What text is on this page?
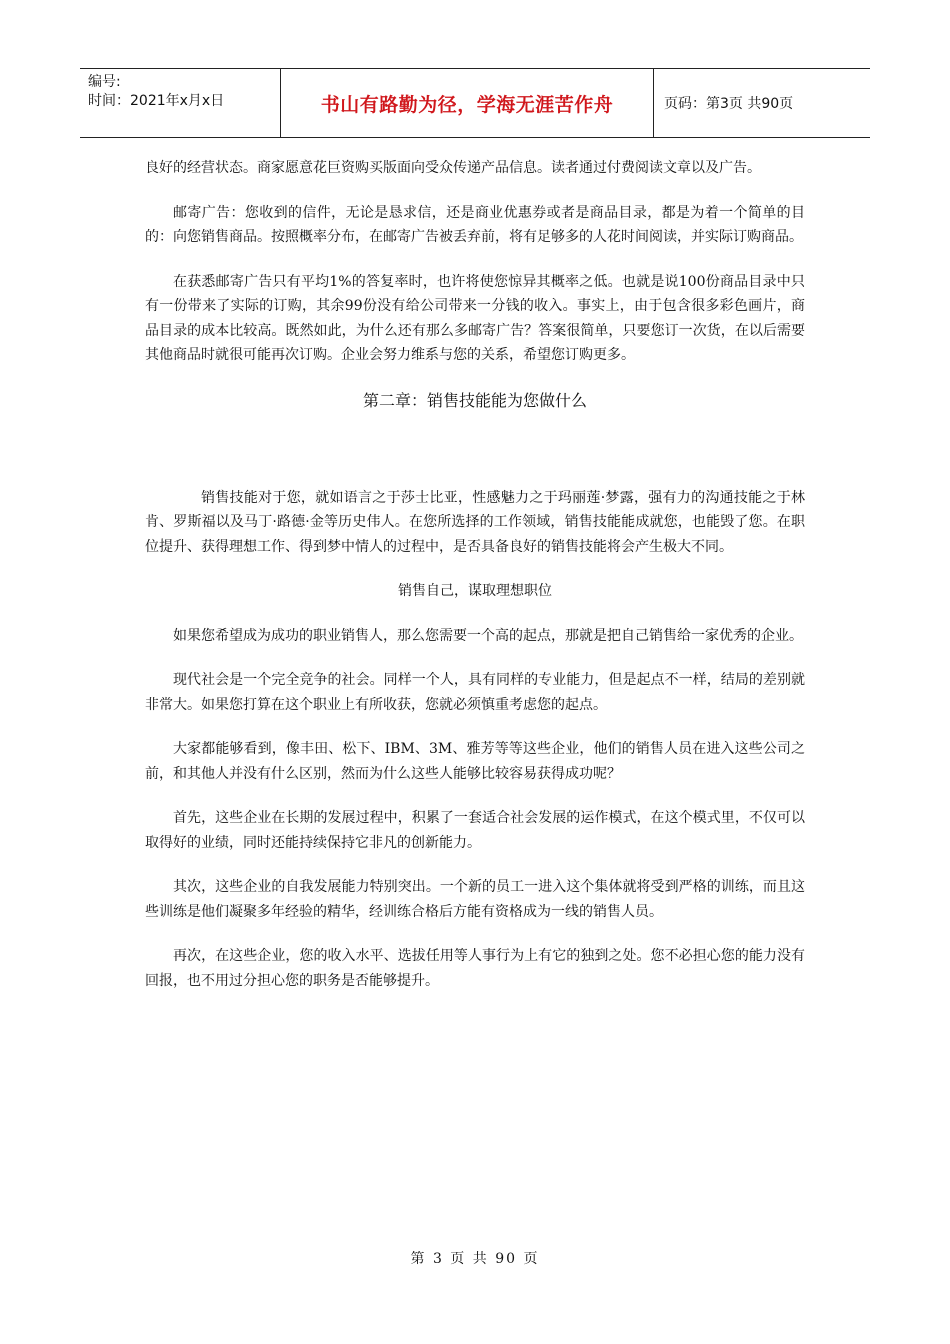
编号:
时间：2021年x月x日	书山有路勤为径，学海无涯苦作舟	页码：第3页 共90页

良好的经营状态。商家愿意花巨资购买版面向受众传递产品信息。读者通过付费阅读文章以及广告。

邮寄广告：您收到的信件，无论是恳求信，还是商业优惠券或者是商品目录，都是为着一个简单的目的：向您销售商品。按照概率分布，在邮寄广告被丢弃前，将有足够多的人花时间阅读，并实际订购商品。

在获悉邮寄广告只有平均1%的答复率时，也许将使您惊异其概率之低。也就是说100份商品目录中只有一份带来了实际的订购，其余99份没有给公司带来一分钱的收入。事实上，由于包含很多彩色画片，商品目录的成本比较高。既然如此，为什么还有那么多邮寄广告？答案很简单，只要您订一次货，在以后需要其他商品时就很可能再次订购。企业会努力维系与您的关系，希望您订购更多。

第二章：销售技能能为您做什么

销售技能对于您，就如语言之于莎士比亚，性感魅力之于玛丽莲·梦露，强有力的沟通技能之于林肯、罗斯福以及马丁·路德·金等历史伟人。在您所选择的工作领域，销售技能能成就您，也能毁了您。在职位提升、获得理想工作、得到梦中情人的过程中，是否具备良好的销售技能将会产生极大不同。

销售自己，谋取理想职位

如果您希望成为成功的职业销售人，那么您需要一个高的起点，那就是把自己销售给一家优秀的企业。

现代社会是一个完全竞争的社会。同样一个人，具有同样的专业能力，但是起点不一样，结局的差别就非常大。如果您打算在这个职业上有所收获，您就必须慎重考虑您的起点。

大家都能够看到，像丰田、松下、IBM、3M、雅芳等等这些企业，他们的销售人员在进入这些公司之前，和其他人并没有什么区别，然而为什么这些人能够比较容易获得成功呢？

首先，这些企业在长期的发展过程中，积累了一套适合社会发展的运作模式，在这个模式里，不仅可以取得好的业绩，同时还能持续保持它非凡的创新能力。

其次，这些企业的自我发展能力特别突出。一个新的员工一进入这个集体就将受到严格的训练，而且这些训练是他们凝聚多年经验的精华，经训练合格后方能有资格成为一线的销售人员。

再次，在这些企业，您的收入水平、选拔任用等人事行为上有它的独到之处。您不必担心您的能力没有回报，也不用过分担心您的职务是否能够提升。

第 3 页 共 90 页
